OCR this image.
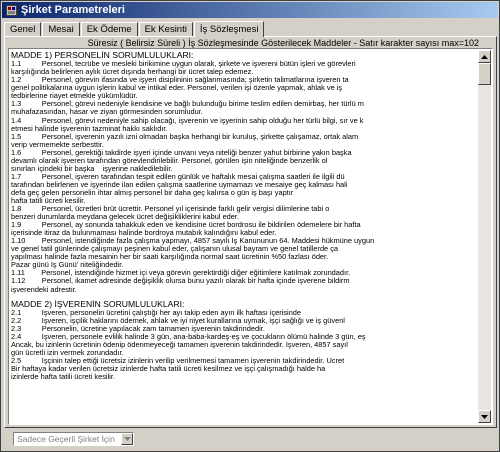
Şirket Parametreleri
Genel	Mesai	Ek Ödeme	Ek Kesinti	İş Sözleşmesi
Süresiz ( Belirsiz Süreli ) İş Sözleşmesinde Gösterilecek Maddeler - Satır karakter sayısı max=102
MADDE 1) PERSONELİN SORUMLULUKLARI:
1.1          Personel, tecrübe ve mesleki birikimine uygun olarak, şirkete ve işvereni bütün işleri ve görevleri
karşılığında belirlenen aylık ücret dışında herhangi bir ücret talep edemez.
1.2          Personel, görevin ifasında ve işyeri disiplininin sağlanmasında; şirketin talimatlarına işveren ta
genel politikalarına uygun işlerin kabul ve intikal eder. Personel, verilen işi özenle yapmak, ahlak ve iş
tedbirlerine riayet etmekle yükümlüdür.
1.3          Personel, görevi nedeniyle kendisine ve bağlı bulunduğu birime teslim edilen demirbaş, her türlü m
muhafazasından, hasar ve ziyan görmesinden sorumludur.
1.4          Personel, görevi nedeniyle sahip olacağı, işverenin ve işyerinin sahip olduğu her türlü bilgi, sır ve k
etmesi halinde işverenin tazminat hakkı saklıdır.
1.5          Personel, işverenin yazılı izni olmadan başka herhangi bir kuruluş, şirkette çalışamaz, ortak alam
verip vermemekte serbesttir.
1.6          Personel, gerektiği takdirde işyeri içinde unvanı veya niteliği benzer yahut birbirine yakın başka
devamlı olarak işveren tarafından görevlendirilebilir. Personel, görülen işin niteliğinde benzerlik ol
sınırları içindeki bir başka    işyerine nakledilebilir.
1.7          Personel, işveren tarafından tespit edilen günlük ve haftalık mesai çalışma saatleri ile ilgili dü
tarafından belirlenen ve işyerinde ilan edilen çalışma saatlerine uymamazı ve mesaiye geç kalması hali
defa geç gelen personelin ihtar almış personel bir daha geç kalırsa o gün iş başı yaptır
hafta tatili ücreti kesilir.
1.8          Personel, ücretleri brüt ücrettir. Personel yıl içerisinde farklı gelir vergisi dilimlerine tabi o
benzeri durumlarda meydana gelecek ücret değişikliklerini kabul eder.
1.9          Personel, ay sonunda tahakkuk eden ve kendisine ücret bordrosu ile bildirilen ödemelere bir hafta
içerisinde itiraz da bulunmaması halinde bordroya mutabık kalındığını kabul eder.
1.10        Personel, istendiğinde fazla çalışma yapmayı, 4857 sayılı İş Kanununun 64. Maddesi hükmüne uygun
ve genel tatil günlerinde çalışmayı peşinen kabul eder, çalışanın ulusal bayram ve genel tatillerde ça
yapılması halinde fazla mesainin her bir saati karşılığında normal saat ücretinin %50 fazlası öder.
Pazar günü İş Günü' niteliğindedir.
1.11        Personel, istendiğinde hizmet içi veya görevin gerektirdiği diğer eğitimlere katılmak zorundadır.
1.12        Personel, ikamet adresinde değişiklik olursa bunu yazılı olarak bir hafta içinde işverene bildirm
işverendeki adrestir.
MADDE 2) İŞVERENİN SORUMLULUKLARI:
2.1          İşveren, personelin ücretini çalıştığı her ayı takip eden ayın ilk haftası içerisinde
2.2          İşveren, işçilik haklarını ödemek, ahlak ve iyi niyet kurallarına uymak, işçi sağlığı ve iş güvenl
2.3          Personelin, ücretine yapılacak zam tamamen işverenin takdirindedir.
2.4          İşveren, personele evlilik halinde 3 gün, ana-baba-kardeş-eş ve çocukların ölümü halinde 3 gün, eş
Ancak, bu izinlerin ücretinin ödenip ödenmeyeceği tamamen işverenin takdirindedir. İşveren, 4857 sayıl
gün ücretli izin vermek zorundadır.
2.5          İşçinin talep ettiği ücretsiz izinlerin verilip verilmemesi tamamen işverenin takdirindedir. Ücret
Bir haftaya kadar verilen ücretsiz izinlerde hafta tatili ücreti kesilmez ve işçi çalışmadığı halde ha
izinlerde hafta tatili ücreti kesilir.
Sadece Geçerli Şirket İçin
